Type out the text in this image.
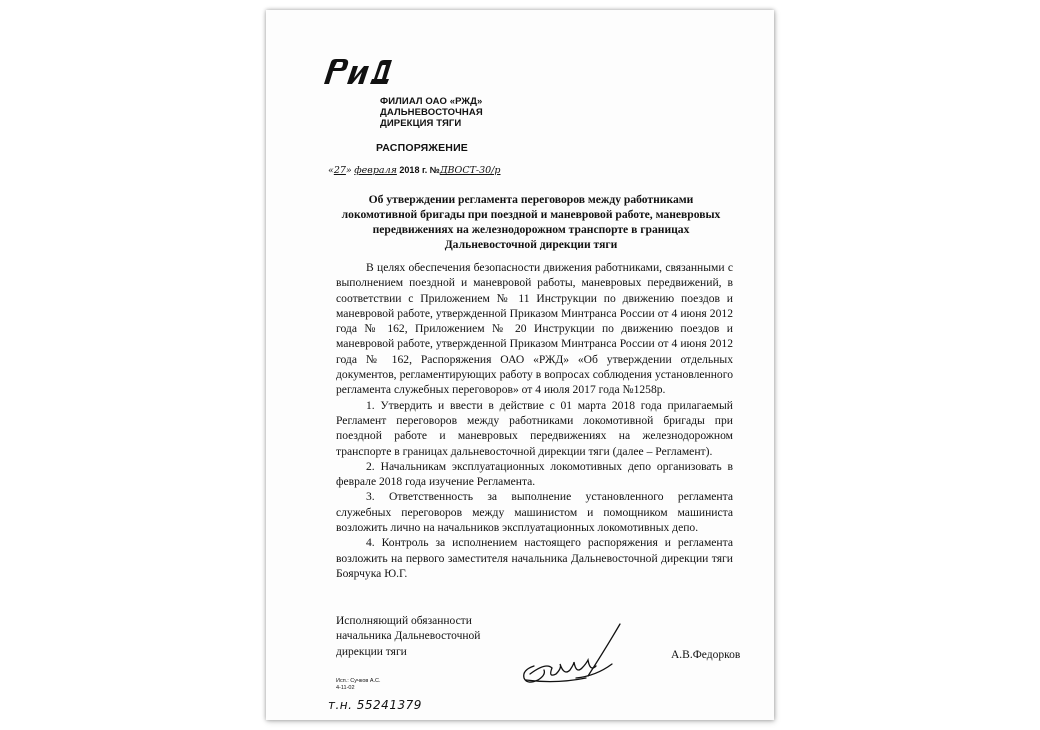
ФИЛИАЛ ОАО «РЖД»
ДАЛЬНЕВОСТОЧНАЯ
ДИРЕКЦИЯ ТЯГИ
РАСПОРЯЖЕНИЕ
«27» февраля 2018 г. №ДВОСТ-30/р
Об утверждении регламента переговоров между работниками
локомотивной бригады при поездной и маневровой работе, маневровых
передвижениях на железнодорожном транспорте в границах
Дальневосточной дирекции тяги

В целях обеспечения безопасности движения работниками, связанными с выполнением поездной и маневровой работы, маневровых передвижений, в соответствии с Приложением № 11 Инструкции по движению поездов и маневровой работе, утвержденной Приказом Минтранса России от 4 июня 2012 года № 162, Приложением № 20 Инструкции по движению поездов и маневровой работе, утвержденной Приказом Минтранса России от 4 июня 2012 года № 162, Распоряжения ОАО «РЖД» «Об утверждении отдельных документов, регламентирующих работу в вопросах соблюдения установленного регламента служебных переговоров» от 4 июля 2017 года №1258р.

1. Утвердить и ввести в действие с 01 марта 2018 года прилагаемый Регламент переговоров между работниками локомотивной бригады при поездной работе и маневровых передвижениях на железнодорожном транспорте в границах дальневосточной дирекции тяги (далее – Регламент).

2. Начальникам эксплуатационных локомотивных депо организовать в феврале 2018 года изучение Регламента.

3. Ответственность за выполнение установленного регламента служебных переговоров между машинистом и помощником машиниста возложить лично на начальников эксплуатационных локомотивных депо.

4. Контроль за исполнением настоящего распоряжения и регламента возложить на первого заместителя начальника Дальневосточной дирекции тяги Боярчука Ю.Г.

Исполняющий обязанности
начальника Дальневосточной
дирекции тяги	А.В.Федорков
Исп.: Сучков А.С.
4-11-02
т.н. 55241379
